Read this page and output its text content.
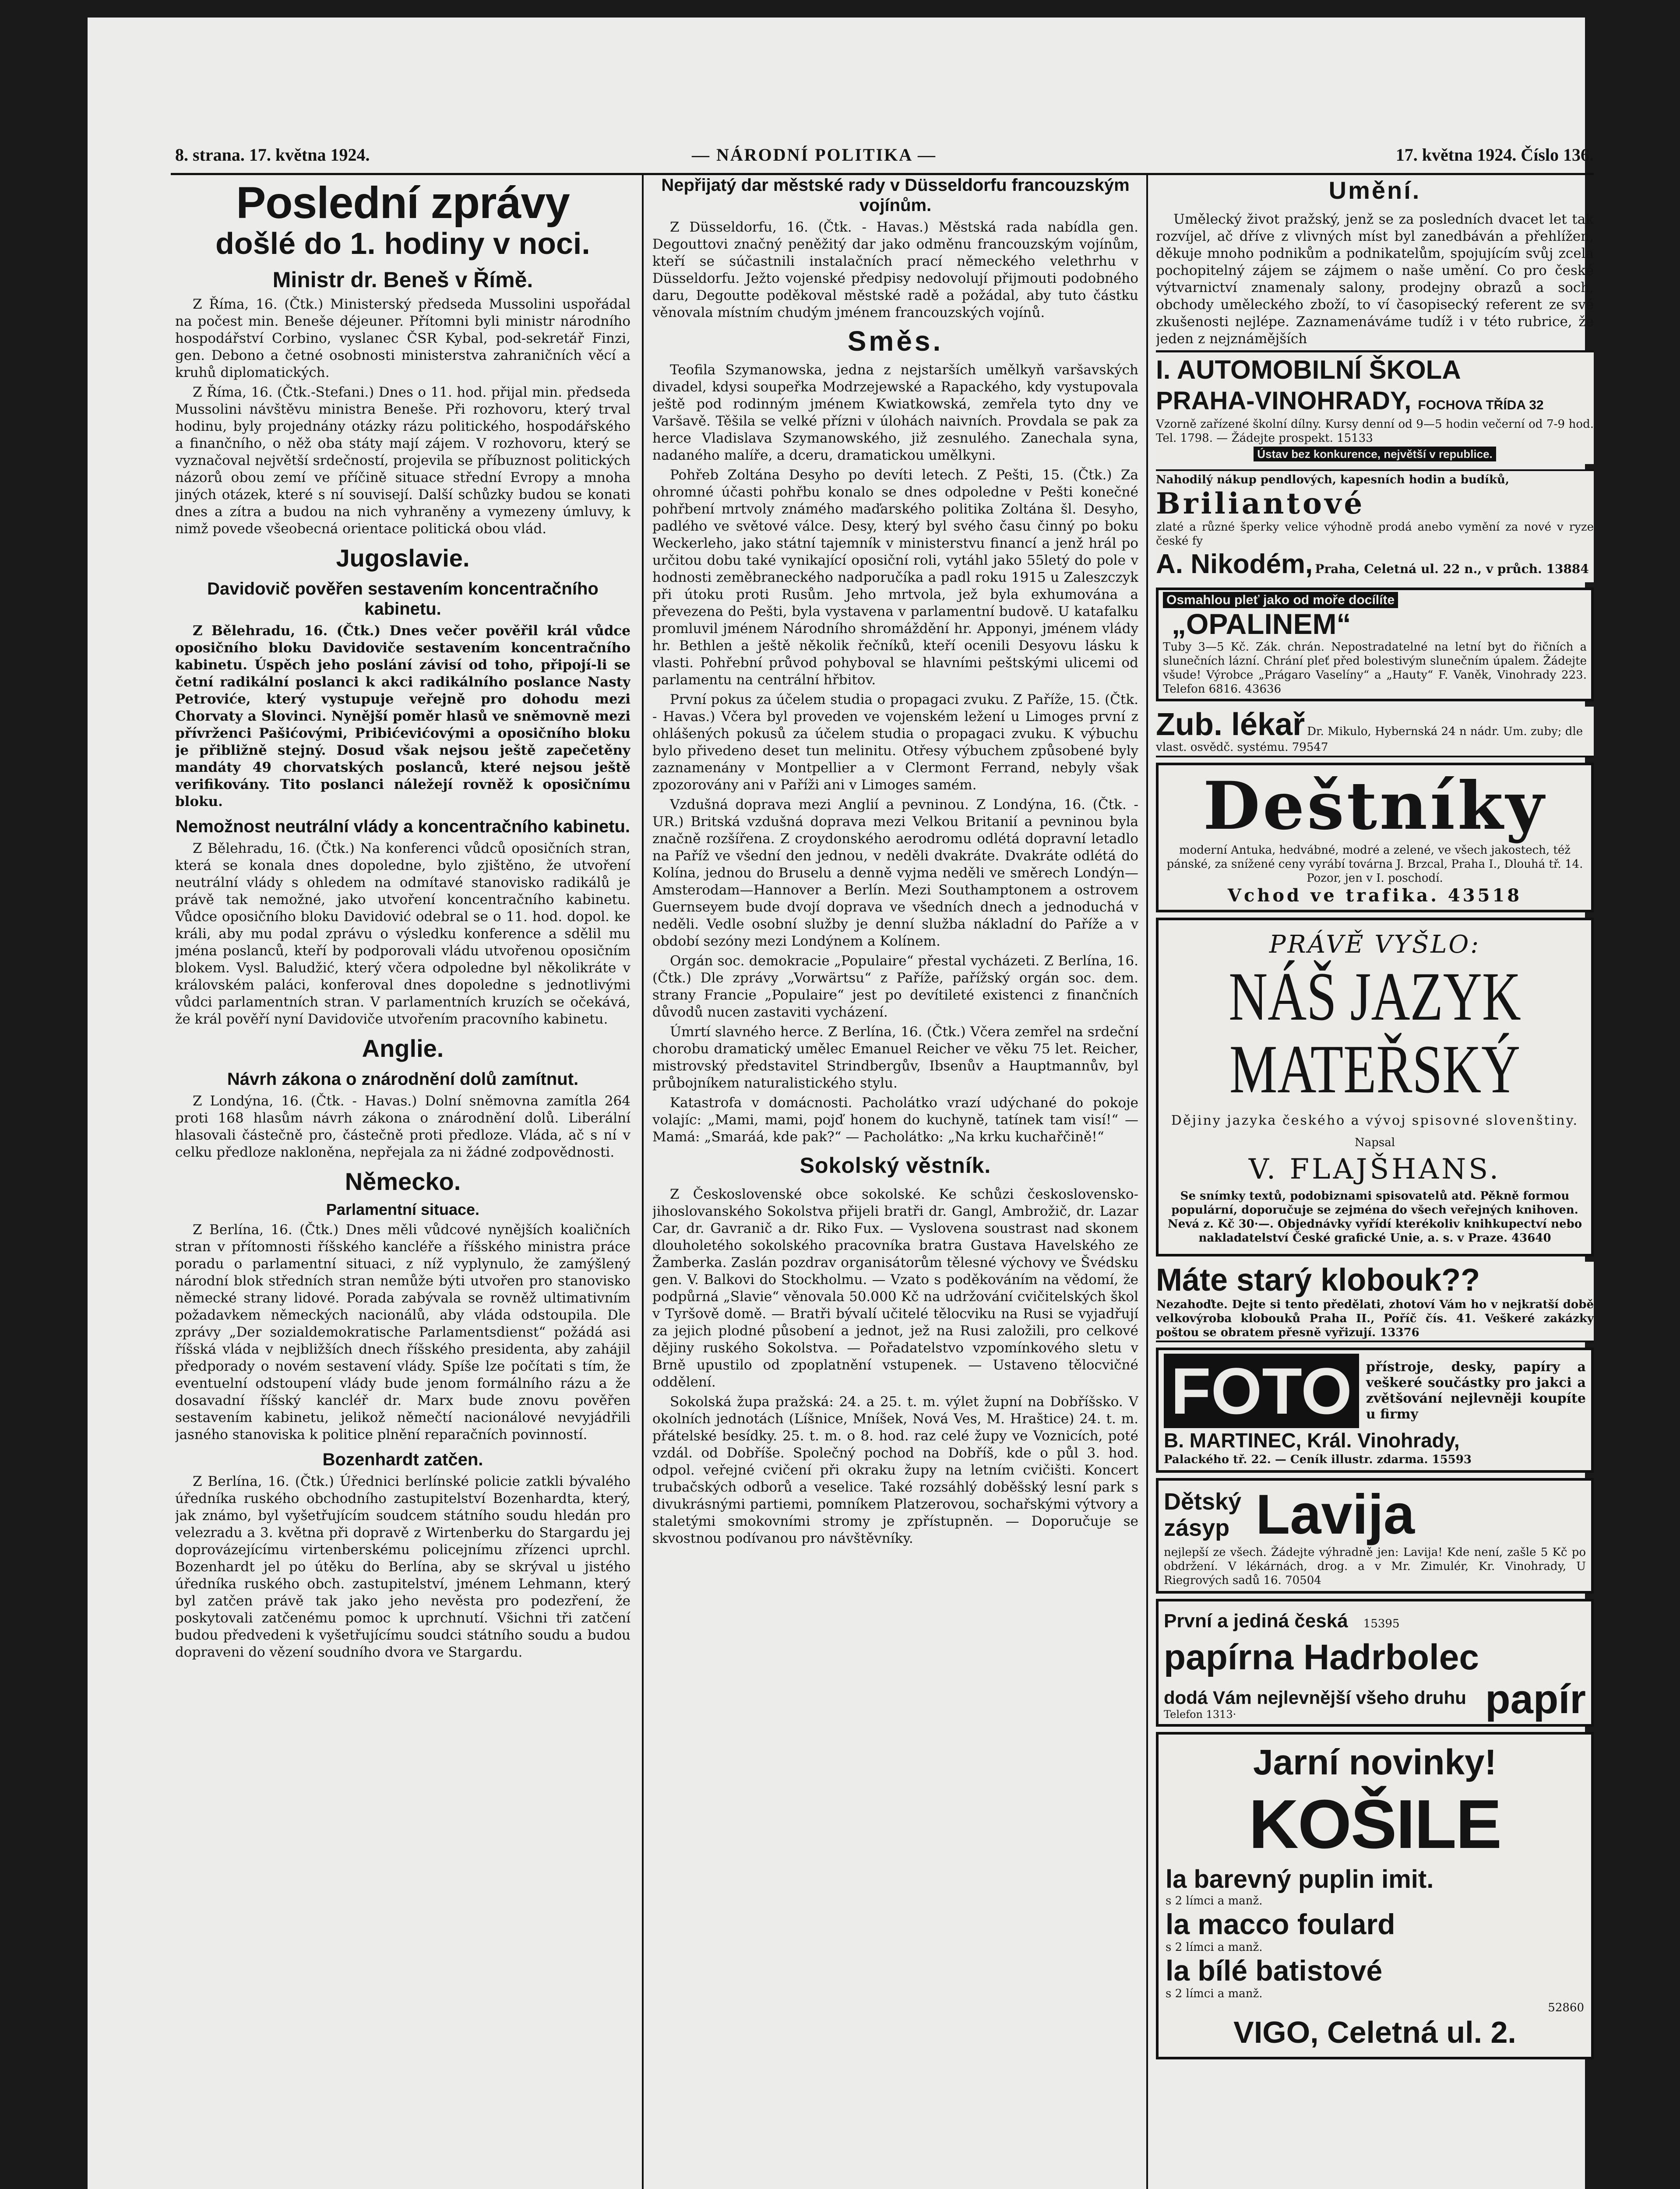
8. strana. 17. května 1924.	— NÁRODNÍ POLITIKA —	17. května 1924. Číslo 136.
Poslední zprávy
došlé do 1. hodiny v noci.
Ministr dr. Beneš v Římě.

Z Říma, 16. (Čtk.) Ministerský předseda Mussolini uspořádal na počest min. Beneše déjeuner. Přítomni byli ministr národního hospodářství Corbino, vyslanec ČSR Kybal, pod-sekretář Finzi, gen. Debono a četné osobnosti ministerstva zahraničních věcí a kruhů diplomatických.

Z Říma, 16. (Čtk.-Stefani.) Dnes o 11. hod. přijal min. předseda Mussolini návštěvu ministra Beneše. Při rozhovoru, který trval hodinu, byly projednány otázky rázu politického, hospodářského a finančního, o něž oba státy mají zájem. V rozhovoru, který se vyznačoval největší srdečností, projevila se příbuznost politických názorů obou zemí ve příčině situace střední Evropy a mnoha jiných otázek, které s ní souvisejí. Další schůzky budou se konati dnes a zítra a budou na nich vyhraněny a vymezeny úmluvy, k nimž povede všeobecná orientace politická obou vlád.

Jugoslavie.
Davidovič pověřen sestavením koncentračního kabinetu.

Z Bělehradu, 16. (Čtk.) Dnes večer pověřil král vůdce oposičního bloku Davidoviče sestavením koncentračního kabinetu. Úspěch jeho poslání závisí od toho, připojí-li se četní radikální poslanci k akci radikálního poslance Nasty Petroviće, který vystupuje veřejně pro dohodu mezi Chorvaty a Slovinci. Nynější poměr hlasů ve sněmovně mezi přívrženci Pašićovými, Pribićevićovými a oposičního bloku je přibližně stejný. Dosud však nejsou ještě zapečetěny mandáty 49 chorvatských poslanců, které nejsou ještě verifikovány. Tito poslanci náležejí rovněž k oposičnímu bloku.

Nemožnost neutrální vlády a koncentračního kabinetu.

Z Bělehradu, 16. (Čtk.) Na konferenci vůdců oposičních stran, která se konala dnes dopoledne, bylo zjištěno, že utvoření neutrální vlády s ohledem na odmítavé stanovisko radikálů je právě tak nemožné, jako utvoření koncentračního kabinetu. Vůdce oposičního bloku Davidović odebral se o 11. hod. dopol. ke králi, aby mu podal zprávu o výsledku konference a sdělil mu jména poslanců, kteří by podporovali vládu utvořenou oposičním blokem. Vysl. Baludžić, který včera odpoledne byl několikráte v královském paláci, konferoval dnes dopoledne s jednotlivými vůdci parlamentních stran. V parlamentních kruzích se očekává, že král pověří nyní Davidoviče utvořením pracovního kabinetu.

Anglie.
Návrh zákona o znárodnění dolů zamítnut.

Z Londýna, 16. (Čtk. - Havas.) Dolní sněmovna zamítla 264 proti 168 hlasům návrh zákona o znárodnění dolů. Liberální hlasovali částečně pro, částečně proti předloze. Vláda, ač s ní v celku předloze nakloněna, nepřejala za ni žádné zodpovědnosti.

Německo.
Parlamentní situace.

Z Berlína, 16. (Čtk.) Dnes měli vůdcové nynějších koaličních stran v přítomnosti říšského kancléře a říšského ministra práce poradu o parlamentní situaci, z níž vyplynulo, že zamýšlený národní blok středních stran nemůže býti utvořen pro stanovisko německé strany lidové. Porada zabývala se rovněž ultimativním požadavkem německých nacionálů, aby vláda odstoupila. Dle zprávy „Der sozialdemokratische Parlamentsdienst“ požádá asi říšská vláda v nejbližších dnech říšského presidenta, aby zahájil předporady o novém sestavení vlády. Spíše lze počítati s tím, že eventuelní odstoupení vlády bude jenom formálního rázu a že dosavadní říšský kancléř dr. Marx bude znovu pověřen sestavením kabinetu, jelikož němečtí nacionálové nevyjádřili jasného stanoviska k politice plnění reparačních povinností.

Bozenhardt zatčen.

Z Berlína, 16. (Čtk.) Úřednici berlínské policie zatkli bývalého úředníka ruského obchodního zastupitelství Bozenhardta, který, jak známo, byl vyšetřujícím soudcem státního soudu hledán pro velezradu a 3. května při dopravě z Wirtenberku do Stargardu jej doprovázejícímu virtenberskému policejnímu zřízenci uprchl. Bozenhardt jel po útěku do Berlína, aby se skrýval u jistého úředníka ruského obch. zastupitelství, jménem Lehmann, který byl zatčen právě tak jako jeho nevěsta pro podezření, že poskytovali zatčenému pomoc k uprchnutí. Všichni tři zatčení budou předvedeni k vyšetřujícímu soudci státního soudu a budou dopraveni do vězení soudního dvora ve Stargardu.

Nepřijatý dar městské rady v Düsseldorfu francouzským vojínům.

Z Düsseldorfu, 16. (Čtk. - Havas.) Městská rada nabídla gen. Degouttovi značný peněžitý dar jako odměnu francouzským vojínům, kteří se súčastnili instalačních prací německého velethrhu v Düsseldorfu. Ježto vojenské předpisy nedovolují přijmouti podobného daru, Degoutte poděkoval městské radě a požádal, aby tuto částku věnovala místním chudým jménem francouzských vojínů.

Směs.

Teofila Szymanowska, jedna z nejstarších umělkyň varšavských divadel, kdysi soupeřka Modrzejewské a Rapackého, kdy vystupovala ještě pod rodinným jménem Kwiatkowská, zemřela tyto dny ve Varšavě. Těšila se velké přízni v úlohách naivních. Provdala se pak za herce Vladislava Szymanowského, již zesnulého. Zanechala syna, nadaného malíře, a dceru, dramatickou umělkyni.

Pohřeb Zoltána Desyho po devíti letech. Z Pešti, 15. (Čtk.) Za ohromné účasti pohřbu konalo se dnes odpoledne v Pešti konečné pohřbení mrtvoly známého maďarského politika Zoltána šl. Desyho, padlého ve světové válce. Desy, který byl svého času činný po boku Weckerleho, jako státní tajemník v ministerstvu financí a jenž hrál po určitou dobu také vynikající oposiční roli, vytáhl jako 55letý do pole v hodnosti zeměbraneckého nadporučíka a padl roku 1915 u Zaleszczyk při útoku proti Rusům. Jeho mrtvola, jež byla exhumována a převezena do Pešti, byla vystavena v parlamentní budově. U katafalku promluvil jménem Národního shromáždění hr. Apponyi, jménem vlády hr. Bethlen a ještě několik řečníků, kteří ocenili Desyovu lásku k vlasti. Pohřební průvod pohyboval se hlavními peštskými ulicemi od parlamentu na centrální hřbitov.

První pokus za účelem studia o propagaci zvuku. Z Paříže, 15. (Čtk. - Havas.) Včera byl proveden ve vojenském ležení u Limoges první z ohlášených pokusů za účelem studia o propagaci zvuku. K výbuchu bylo přivedeno deset tun melinitu. Otřesy výbuchem způsobené byly zaznamenány v Montpellier a v Clermont Ferrand, nebyly však zpozorovány ani v Paříži ani v Limoges samém.

Vzdušná doprava mezi Anglií a pevninou. Z Londýna, 16. (Čtk. - UR.) Britská vzdušná doprava mezi Velkou Britanií a pevninou byla značně rozšířena. Z croydonského aerodromu odlétá dopravní letadlo na Paříž ve všední den jednou, v neděli dvakráte. Dvakráte odlétá do Kolína, jednou do Bruselu a denně vyjma neděli ve směrech Londýn—Amsterodam—Hannover a Berlín. Mezi Southamptonem a ostrovem Guernseyem bude dvojí doprava ve všedních dnech a jednoduchá v neděli. Vedle osobní služby je denní služba nákladní do Paříže a v období sezóny mezi Londýnem a Kolínem.

Orgán soc. demokracie „Populaire“ přestal vycházeti. Z Berlína, 16. (Čtk.) Dle zprávy „Vorwärtsu“ z Paříže, pařížský orgán soc. dem. strany Francie „Populaire“ jest po devítileté existenci z finančních důvodů nucen zastaviti vycházení.

Úmrtí slavného herce. Z Berlína, 16. (Čtk.) Včera zemřel na srdeční chorobu dramatický umělec Emanuel Reicher ve věku 75 let. Reicher, mistrovský představitel Strindbergův, Ibsenův a Hauptmannův, byl průbojníkem naturalistického stylu.

Katastrofa v domácnosti. Pacholátko vrazí udýchané do pokoje volajíc: „Mami, mami, pojď honem do kuchyně, tatínek tam visí!“ — Mamá: „Smaráá, kde pak?“ — Pacholátko: „Na krku kuchařčině!“

Sokolský věstník.

Z Československé obce sokolské. Ke schůzi československo-jihoslovanského Sokolstva přijeli bratři dr. Gangl, Ambrožič, dr. Lazar Car, dr. Gavranič a dr. Riko Fux. — Vyslovena soustrast nad skonem dlouholetého sokolského pracovníka bratra Gustava Havelského ze Žamberka. Zaslán pozdrav organisátorům tělesné výchovy ve Švédsku gen. V. Balkovi do Stockholmu. — Vzato s poděkováním na vědomí, že podpůrná „Slavie“ věnovala 50.000 Kč na udržování cvičitelských škol v Tyršově domě. — Bratři bývalí učitelé tělocviku na Rusi se vyjadřují za jejich plodné působení a jednot, jež na Rusi založili, pro celkové dějiny ruského Sokolstva. — Pořadatelstvo vzpomínkového sletu v Brně upustilo od zpoplatnění vstupenek. — Ustaveno tělocvičné oddělení.

Sokolská župa pražská: 24. a 25. t. m. výlet župní na Dobříšsko. V okolních jednotách (Líšnice, Mníšek, Nová Ves, M. Hraštice) 24. t. m. přátelské besídky. 25. t. m. o 8. hod. raz celé župy ve Voznicích, poté vzdál. od Dobříše. Společný pochod na Dobříš, kde o půl 3. hod. odpol. veřejné cvičení při okraku župy na letním cvičišti. Koncert trubačských odborů a veselice. Také rozsáhlý doběšský lesní park s divukrásnými partiemi, pomníkem Platzerovou, sochařskými výtvory a staletými smokovními stromy je zpřístupněn. — Doporučuje se skvostnou podívanou pro návštěvníky.

Umění.

Umělecký život pražský, jenž se za posledních dvacet let tak rozvíjel, ač dříve z vlivných míst byl zanedbáván a přehlížen, děkuje mnoho podnikům a podnikatelům, spojujícím svůj zcela pochopitelný zájem se zájmem o naše umění. Co pro české výtvarnictví znamenaly salony, prodejny obrazů a soch, obchody uměleckého zboží, to ví časopisecký referent ze své zkušenosti nejlépe. Zaznamenáváme tudíž i v této rubrice, že jeden z nejznámějších

I. AUTOMOBILNÍ ŠKOLA
PRAHA-VINOHRADY, FOCHOVA TŘÍDA 32

Vzorně zařízené školní dílny. Kursy denní od 9—5 hodin večerní od 7-9 hod. Tel. 1798. — Žádejte prospekt. 15133

Ústav bez konkurence, největší v republice.

Nahodilý nákup pendlových, kapesních hodin a budíků,

Briliantové

zlaté a různé šperky velice výhodně prodá anebo vymění za nové v ryze české fy

A. Nikodém, Praha, Celetná ul. 22 n., v průch. 13884
Osmahlou pleť jako od moře docílíte „OPALINEM“

Tuby 3—5 Kč. Zák. chrán. Nepostradatelné na letní byt do řičních a slunečních lázní. Chrání pleť před bolestivým slunečním úpalem. Žádejte všude! Výrobce „Prágaro Vaselíny“ a „Hauty“ F. Vaněk, Vinohrady 223. Telefon 6816. 43636

Zub. lékař Dr. Mikulo, Hybernská 24 n nádr. Um. zuby; dle vlast. osvědč. systému. 79547
Deštníky

moderní Antuka, hedvábné, modré a zelené, ve všech jakostech, též pánské, za snížené ceny vyrábí továrna J. Brzcal, Praha I., Dlouhá tř. 14. Pozor, jen v I. poschodí.

Vchod ve trafika. 43518

PRÁVĚ VYŠLO:
NÁŠ JAZYK
MATEŘSKÝ

Dějiny jazyka českého a vývoj spisovné slovenštiny.

Napsal

V. FLAJŠHANS.

Se snímky textů, podobiznami spisovatelů atd. Pěkně formou populární, doporučuje se zejména do všech veřejných knihoven. Nevá z. Kč 30·—. Objednávky vyřídí kterékoliv knihkupectví nebo nakladatelství České grafické Unie, a. s. v Praze. 43640

Máte starý klobouk??

Nezahoďte. Dejte si tento předělati, zhotoví Vám ho v nejkratší době velkovýroba klobouků Praha II., Poříč čís. 41. Veškeré zakázky poštou se obratem přesně vyřizují. 13376

FOTO	přístroje, desky, papíry a veškeré součástky pro jakci a zvětšování nejlevněji koupíte u firmy

B. MARTINEC, Král. Vinohrady,

Palackého tř. 22. — Ceník illustr. zdarma. 15593

Dětský zásyp Lavija

nejlepší ze všech. Žádejte výhradně jen: Lavija! Kde není, zašle 5 Kč po obdržení. V lékárnách, drog. a v Mr. Zimulér, Kr. Vinohrady, U Riegrových sadů 16. 70504

První a jediná česká 15395
papírna Hadrbolec
dodá Vám nejlevnější všeho druhu
Telefon 1313·	papír
Jarní novinky!
KOŠILE
la barevný puplin imit.

s 2 límci a manž.

la macco foulard

s 2 límci a manž.

la bílé batistové

s 2 límci a manž.

52860

VIGO, Celetná ul. 2.
